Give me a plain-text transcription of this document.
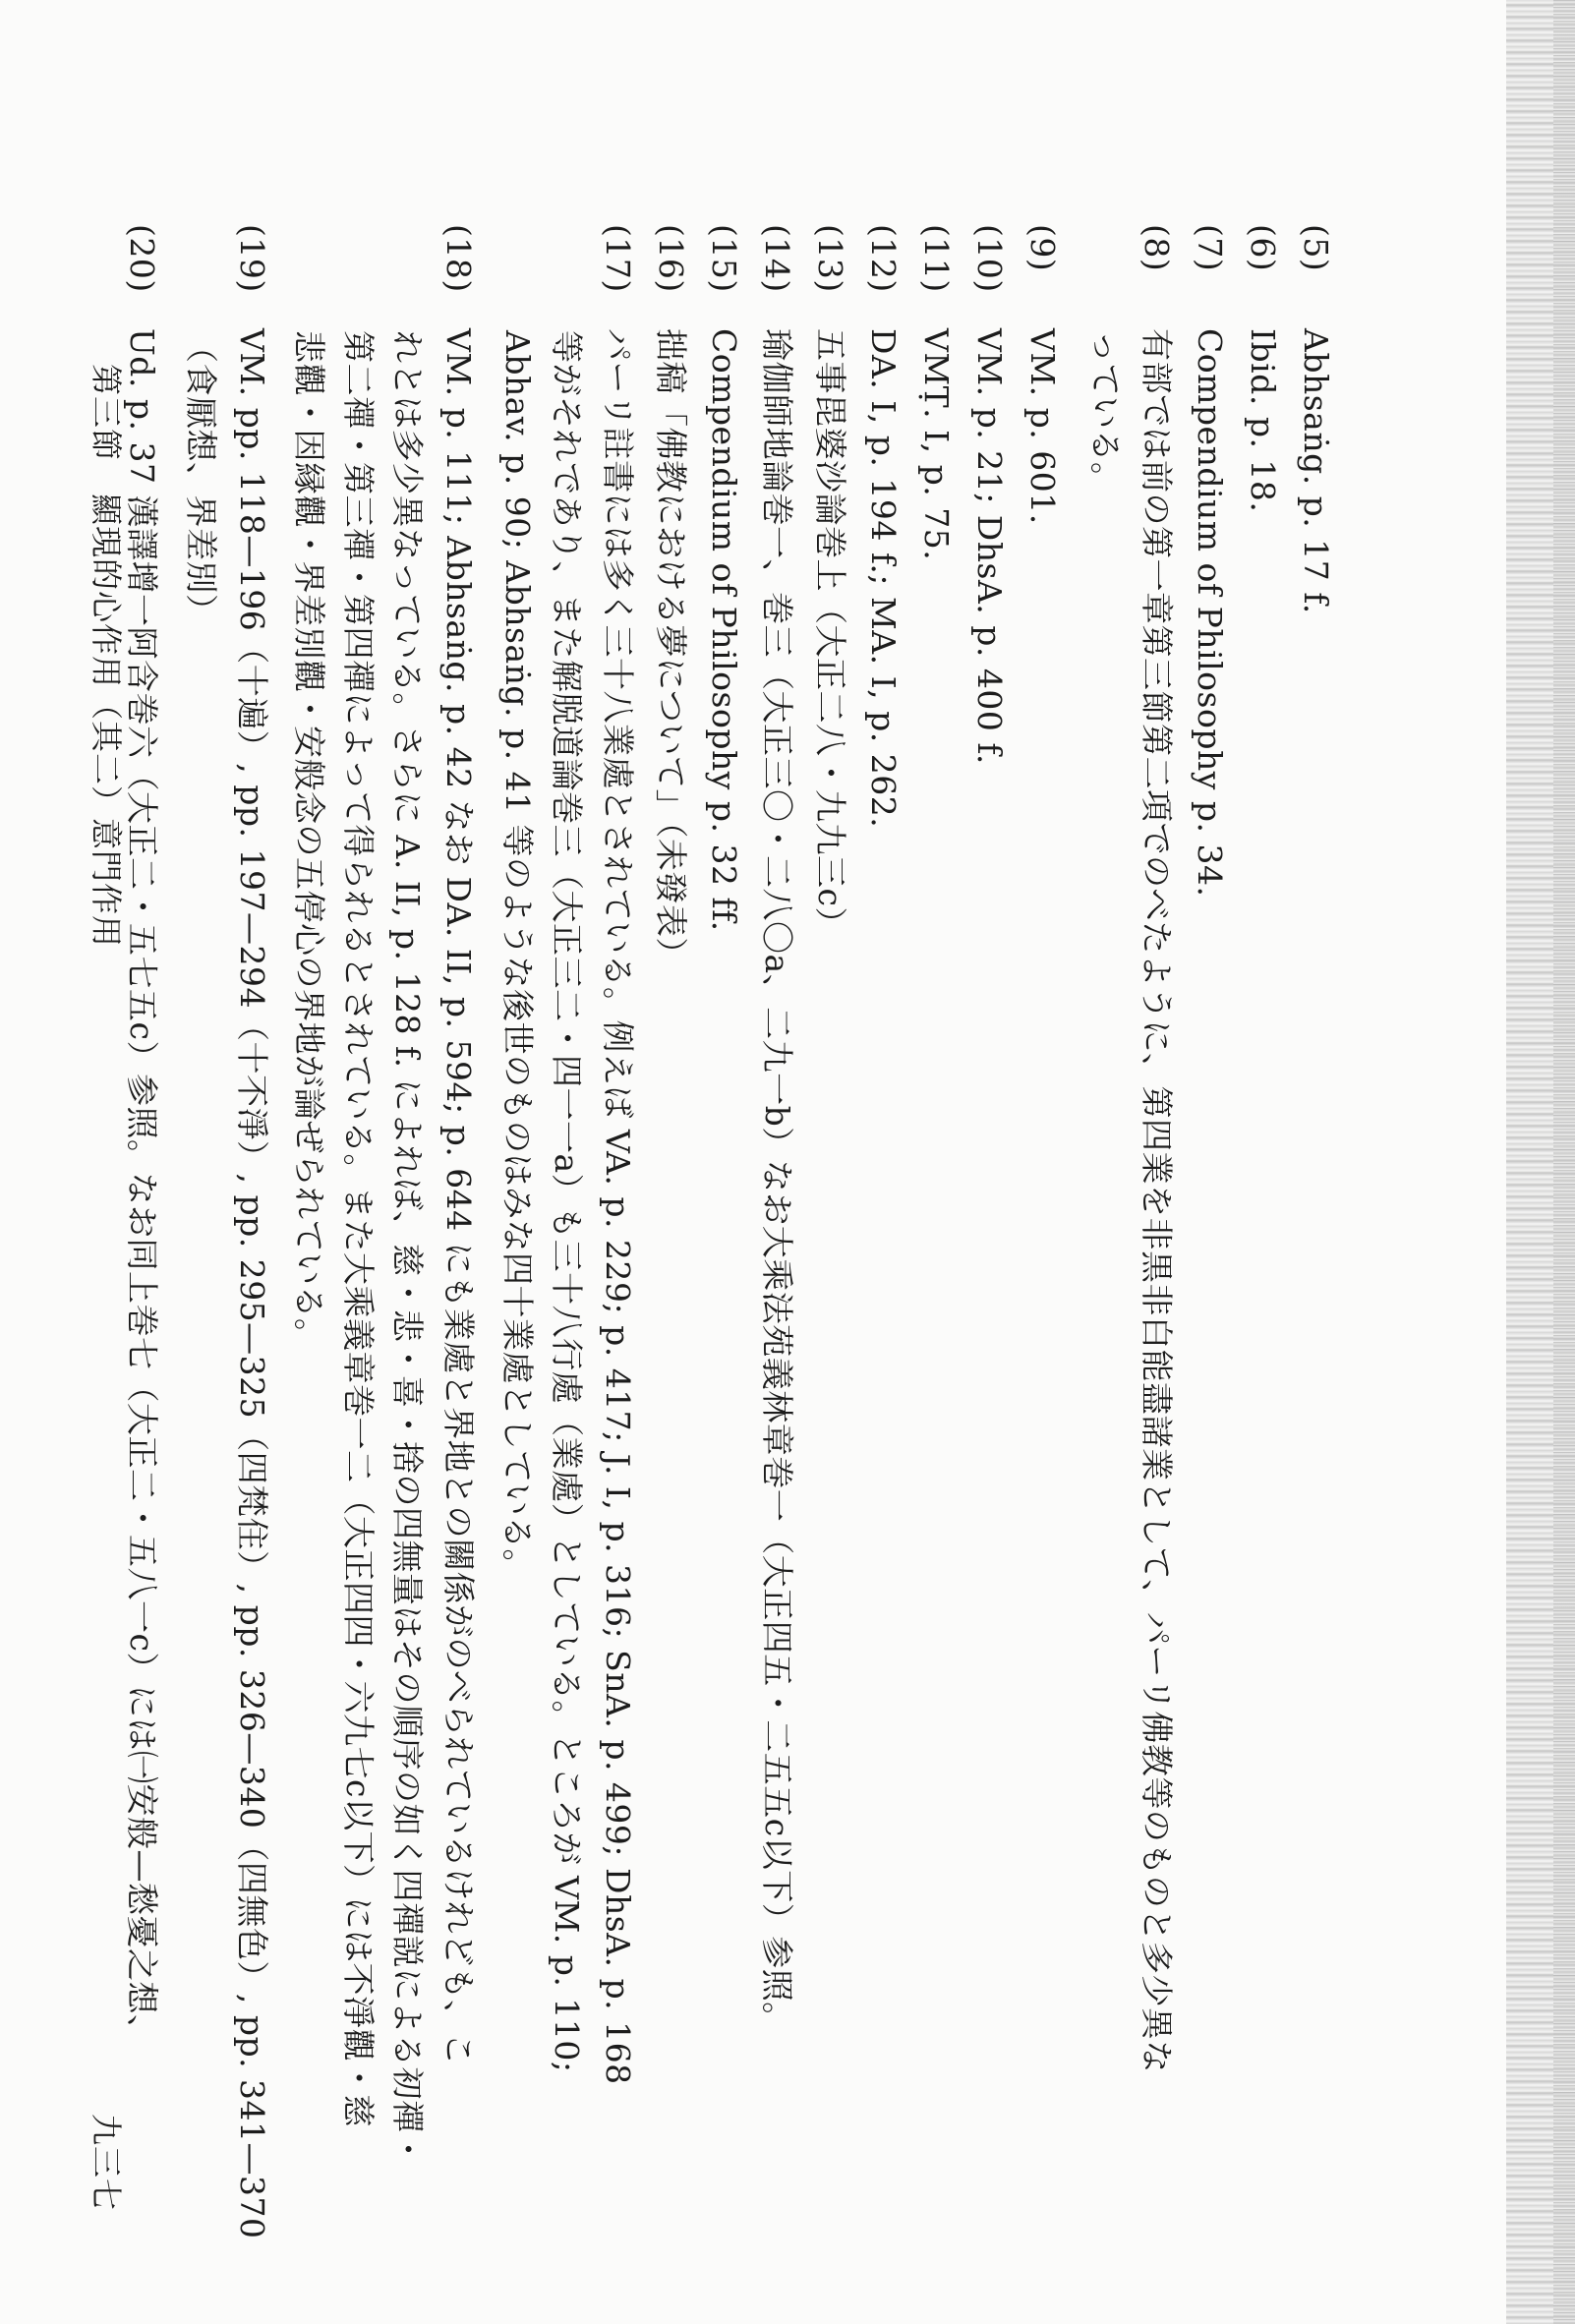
(5)Abhsaṅg. p. 17 f.
(6)Ibid. p. 18.
(7)Compendium of Philosophy p. 34.
(8)有部では前の第一章第三節第二項でのべたように、第四業を非黒非白能盡諸業として、パーリ佛教等のものと多少異な
っている。
(9)VM. p. 601.
(10)VM. p. 21; DhsA. p. 400 f.
(11)VMṬ. I, p. 75.
(12)DA. I, p. 194 f.; MA. I, p. 262.
(13)五事毘婆沙論巻上（大正二八・九九三c）
(14)瑜伽師地論巻一、巻三（大正三〇・二八〇a、二九一b）なお大乘法苑義林章巻一（大正四五・二五五c以下）参照。
(15)Compendium of Philosophy p. 32 ff.
(16)拙稿「佛教における夢について」（未發表）
(17)パーリ註書には多く三十八業處とされている。例えば VA. p. 229; p. 417; J. I, p. 316; SnA. p. 499; DhsA. p. 168
等がそれであり、また解脱道論巻三（大正三二・四一一a）も三十八行處（業處）としている。ところが VM. p. 110;
Abhav. p. 90; Abhsaṅg. p. 41 等のような後世のものはみな四十業處としている。
(18)VM. p. 111; Abhsaṅg. p. 42 なお DA. II, p. 594; p. 644 にも業處と界地との關係がのべられているけれども、こ
れとは多少異なっている。さらに A. II, p. 128 f. によれば、慈・悲・喜・捨の四無量はその順序の如く四禪説による初禪・
第二禪・第三禪・第四禪によって得られるとされている。また大乘義章巻一二（大正四四・六九七c以下）には不淨觀・慈
悲觀・因縁觀・界差別觀・安般念の五停心の界地が論ぜられている。
(19)VM. pp. 118—196（十遍）, pp. 197—294（十不淨）, pp. 295—325（四梵住）, pp. 326—340（四無色）, pp. 341—370
（食厭想、界差別）
(20)Ud. p. 37 漢譯增一阿含巻六（大正二・五七五c）参照。なお同上巻七（大正二・五八一c）には㈠安般—愁憂之想、
第三節　顯現的心作用（其二）意門作用
九三七
